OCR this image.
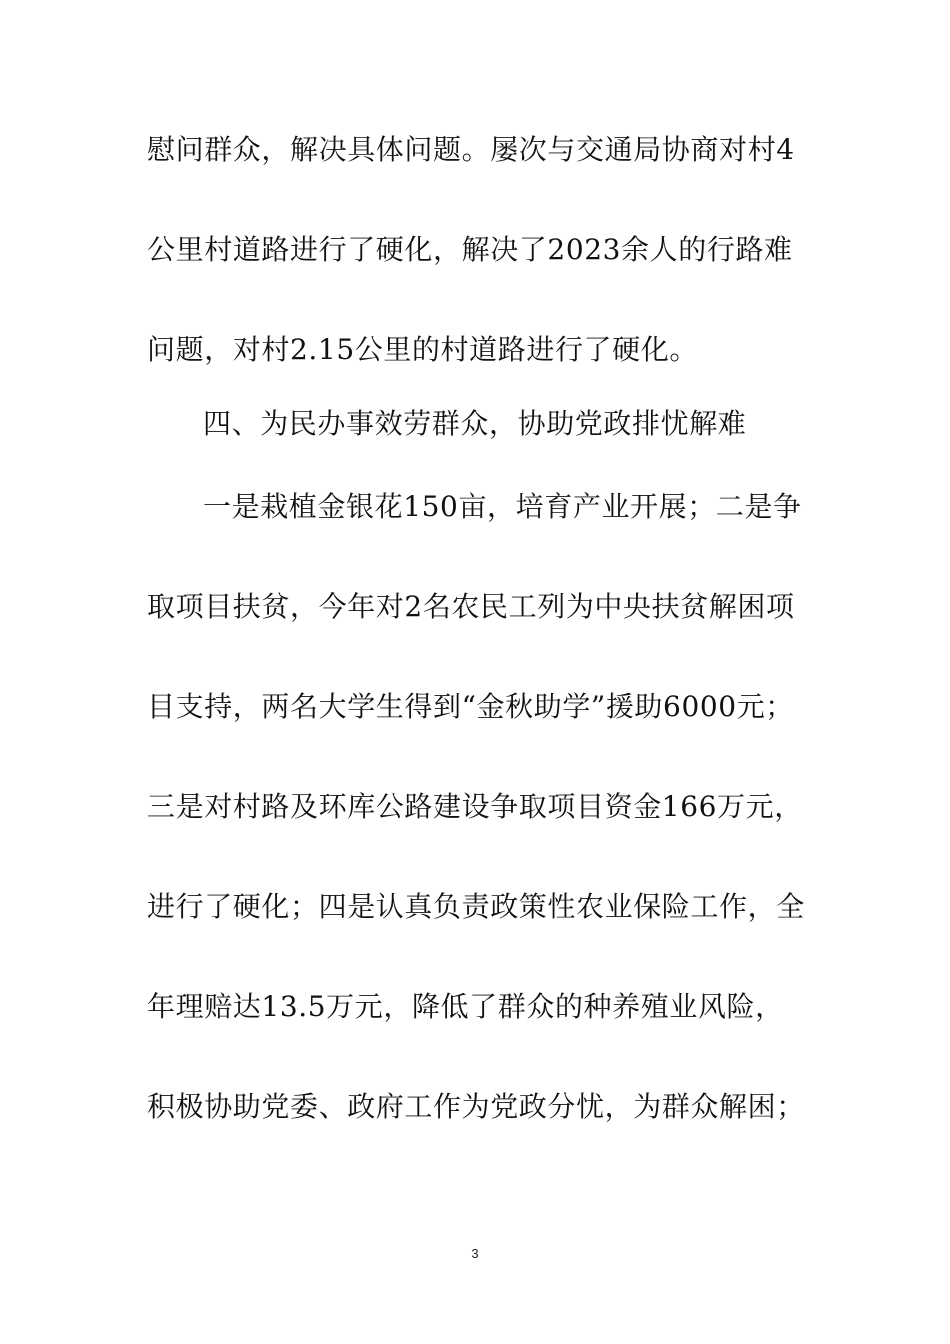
慰问群众，解决具体问题。屡次与交通局协商对村4
公里村道路进行了硬化，解决了2023余人的行路难
问题，对村2.15公里的村道路进行了硬化。
四、为民办事效劳群众，协助党政排忧解难
一是栽植金银花150亩，培育产业开展；二是争
取项目扶贫，今年对2名农民工列为中央扶贫解困项
目支持，两名大学生得到“金秋助学”援助6000元；
三是对村路及环库公路建设争取项目资金166万元，
进行了硬化；四是认真负责政策性农业保险工作，全
年理赔达13.5万元，降低了群众的种养殖业风险，
积极协助党委、政府工作为党政分忧，为群众解困；
3
